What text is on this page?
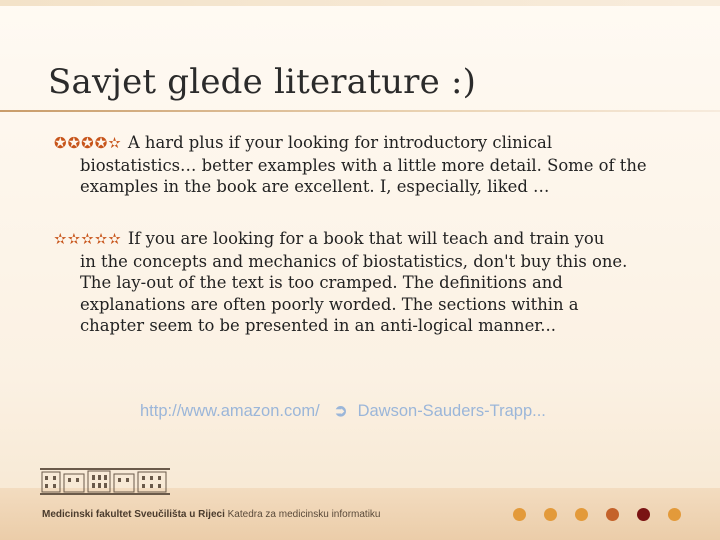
Savjet glede literature :)
✪✪✪✪✫ A hard plus if your looking for introductory clinical
biostatistics… better examples with a little more detail. Some of the
examples in the book are excellent. I, especially, liked …
✫✫✫✫✫ If you are looking for a book that will teach and train you
in the concepts and mechanics of biostatistics, don't buy this one.
The lay-out of the text is too cramped. The definitions and
explanations are often poorly worded. The sections within a
chapter seem to be presented in an anti-logical manner...
http://www.amazon.com/ ➲ Dawson-Sauders-Trapp...
Medicinski fakultet Sveučilišta u Rijeci Katedra za medicinsku informatiku
